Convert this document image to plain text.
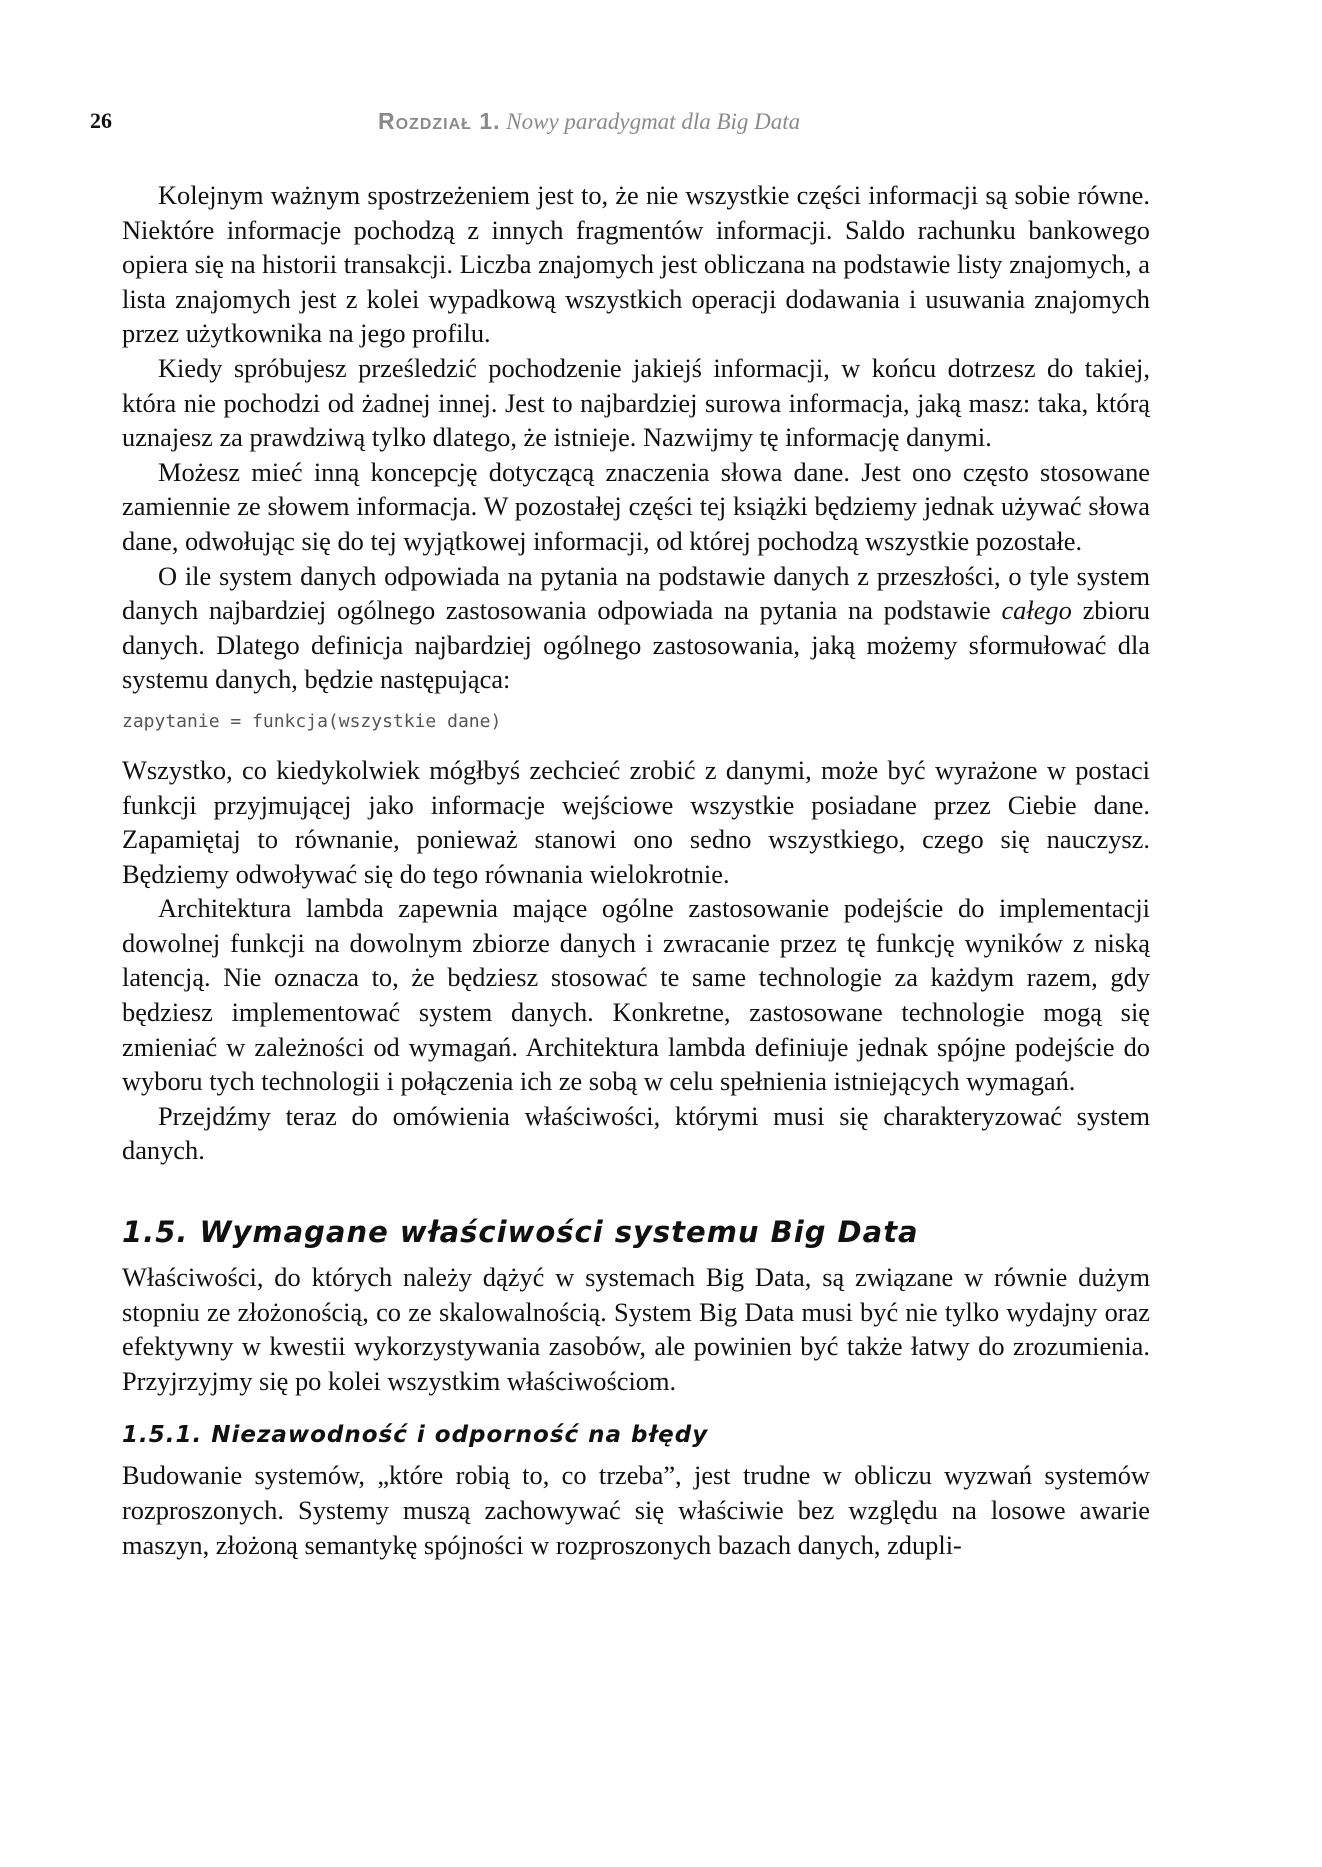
26	Rozdział 1. Nowy paradygmat dla Big Data

Kolejnym ważnym spostrzeżeniem jest to, że nie wszystkie części informacji są sobie równe. Niektóre informacje pochodzą z innych fragmentów informacji. Saldo rachunku bankowego opiera się na historii transakcji. Liczba znajomych jest obliczana na podstawie listy znajomych, a lista znajomych jest z kolei wypadkową wszystkich operacji dodawania i usuwania znajomych przez użytkownika na jego profilu.

Kiedy spróbujesz prześledzić pochodzenie jakiejś informacji, w końcu dotrzesz do takiej, która nie pochodzi od żadnej innej. Jest to najbardziej surowa informacja, jaką masz: taka, którą uznajesz za prawdziwą tylko dlatego, że istnieje. Nazwijmy tę informację danymi.

Możesz mieć inną koncepcję dotyczącą znaczenia słowa dane. Jest ono często stosowane zamiennie ze słowem informacja. W pozostałej części tej książki będziemy jednak używać słowa dane, odwołując się do tej wyjątkowej informacji, od której pochodzą wszystkie pozostałe.

O ile system danych odpowiada na pytania na podstawie danych z przeszłości, o tyle system danych najbardziej ogólnego zastosowania odpowiada na pytania na podstawie całego zbioru danych. Dlatego definicja najbardziej ogólnego zastosowania, jaką możemy sformułować dla systemu danych, będzie następująca:

zapytanie = funkcja(wszystkie dane)

Wszystko, co kiedykolwiek mógłbyś zechcieć zrobić z danymi, może być wyrażone w postaci funkcji przyjmującej jako informacje wejściowe wszystkie posiadane przez Ciebie dane. Zapamiętaj to równanie, ponieważ stanowi ono sedno wszystkiego, czego się nauczysz. Będziemy odwoływać się do tego równania wielokrotnie.

Architektura lambda zapewnia mające ogólne zastosowanie podejście do implementacji dowolnej funkcji na dowolnym zbiorze danych i zwracanie przez tę funkcję wyników z niską latencją. Nie oznacza to, że będziesz stosować te same technologie za każdym razem, gdy będziesz implementować system danych. Konkretne, zastosowane technologie mogą się zmieniać w zależności od wymagań. Architektura lambda definiuje jednak spójne podejście do wyboru tych technologii i połączenia ich ze sobą w celu spełnienia istniejących wymagań.

Przejdźmy teraz do omówienia właściwości, którymi musi się charakteryzować system danych.

1.5. Wymagane właściwości systemu Big Data

Właściwości, do których należy dążyć w systemach Big Data, są związane w równie dużym stopniu ze złożonością, co ze skalowalnością. System Big Data musi być nie tylko wydajny oraz efektywny w kwestii wykorzystywania zasobów, ale powinien być także łatwy do zrozumienia. Przyjrzyjmy się po kolei wszystkim właściwościom.

1.5.1. Niezawodność i odporność na błędy

Budowanie systemów, „które robią to, co trzeba”, jest trudne w obliczu wyzwań systemów rozproszonych. Systemy muszą zachowywać się właściwie bez względu na losowe awarie maszyn, złożoną semantykę spójności w rozproszonych bazach danych, zdupli-
